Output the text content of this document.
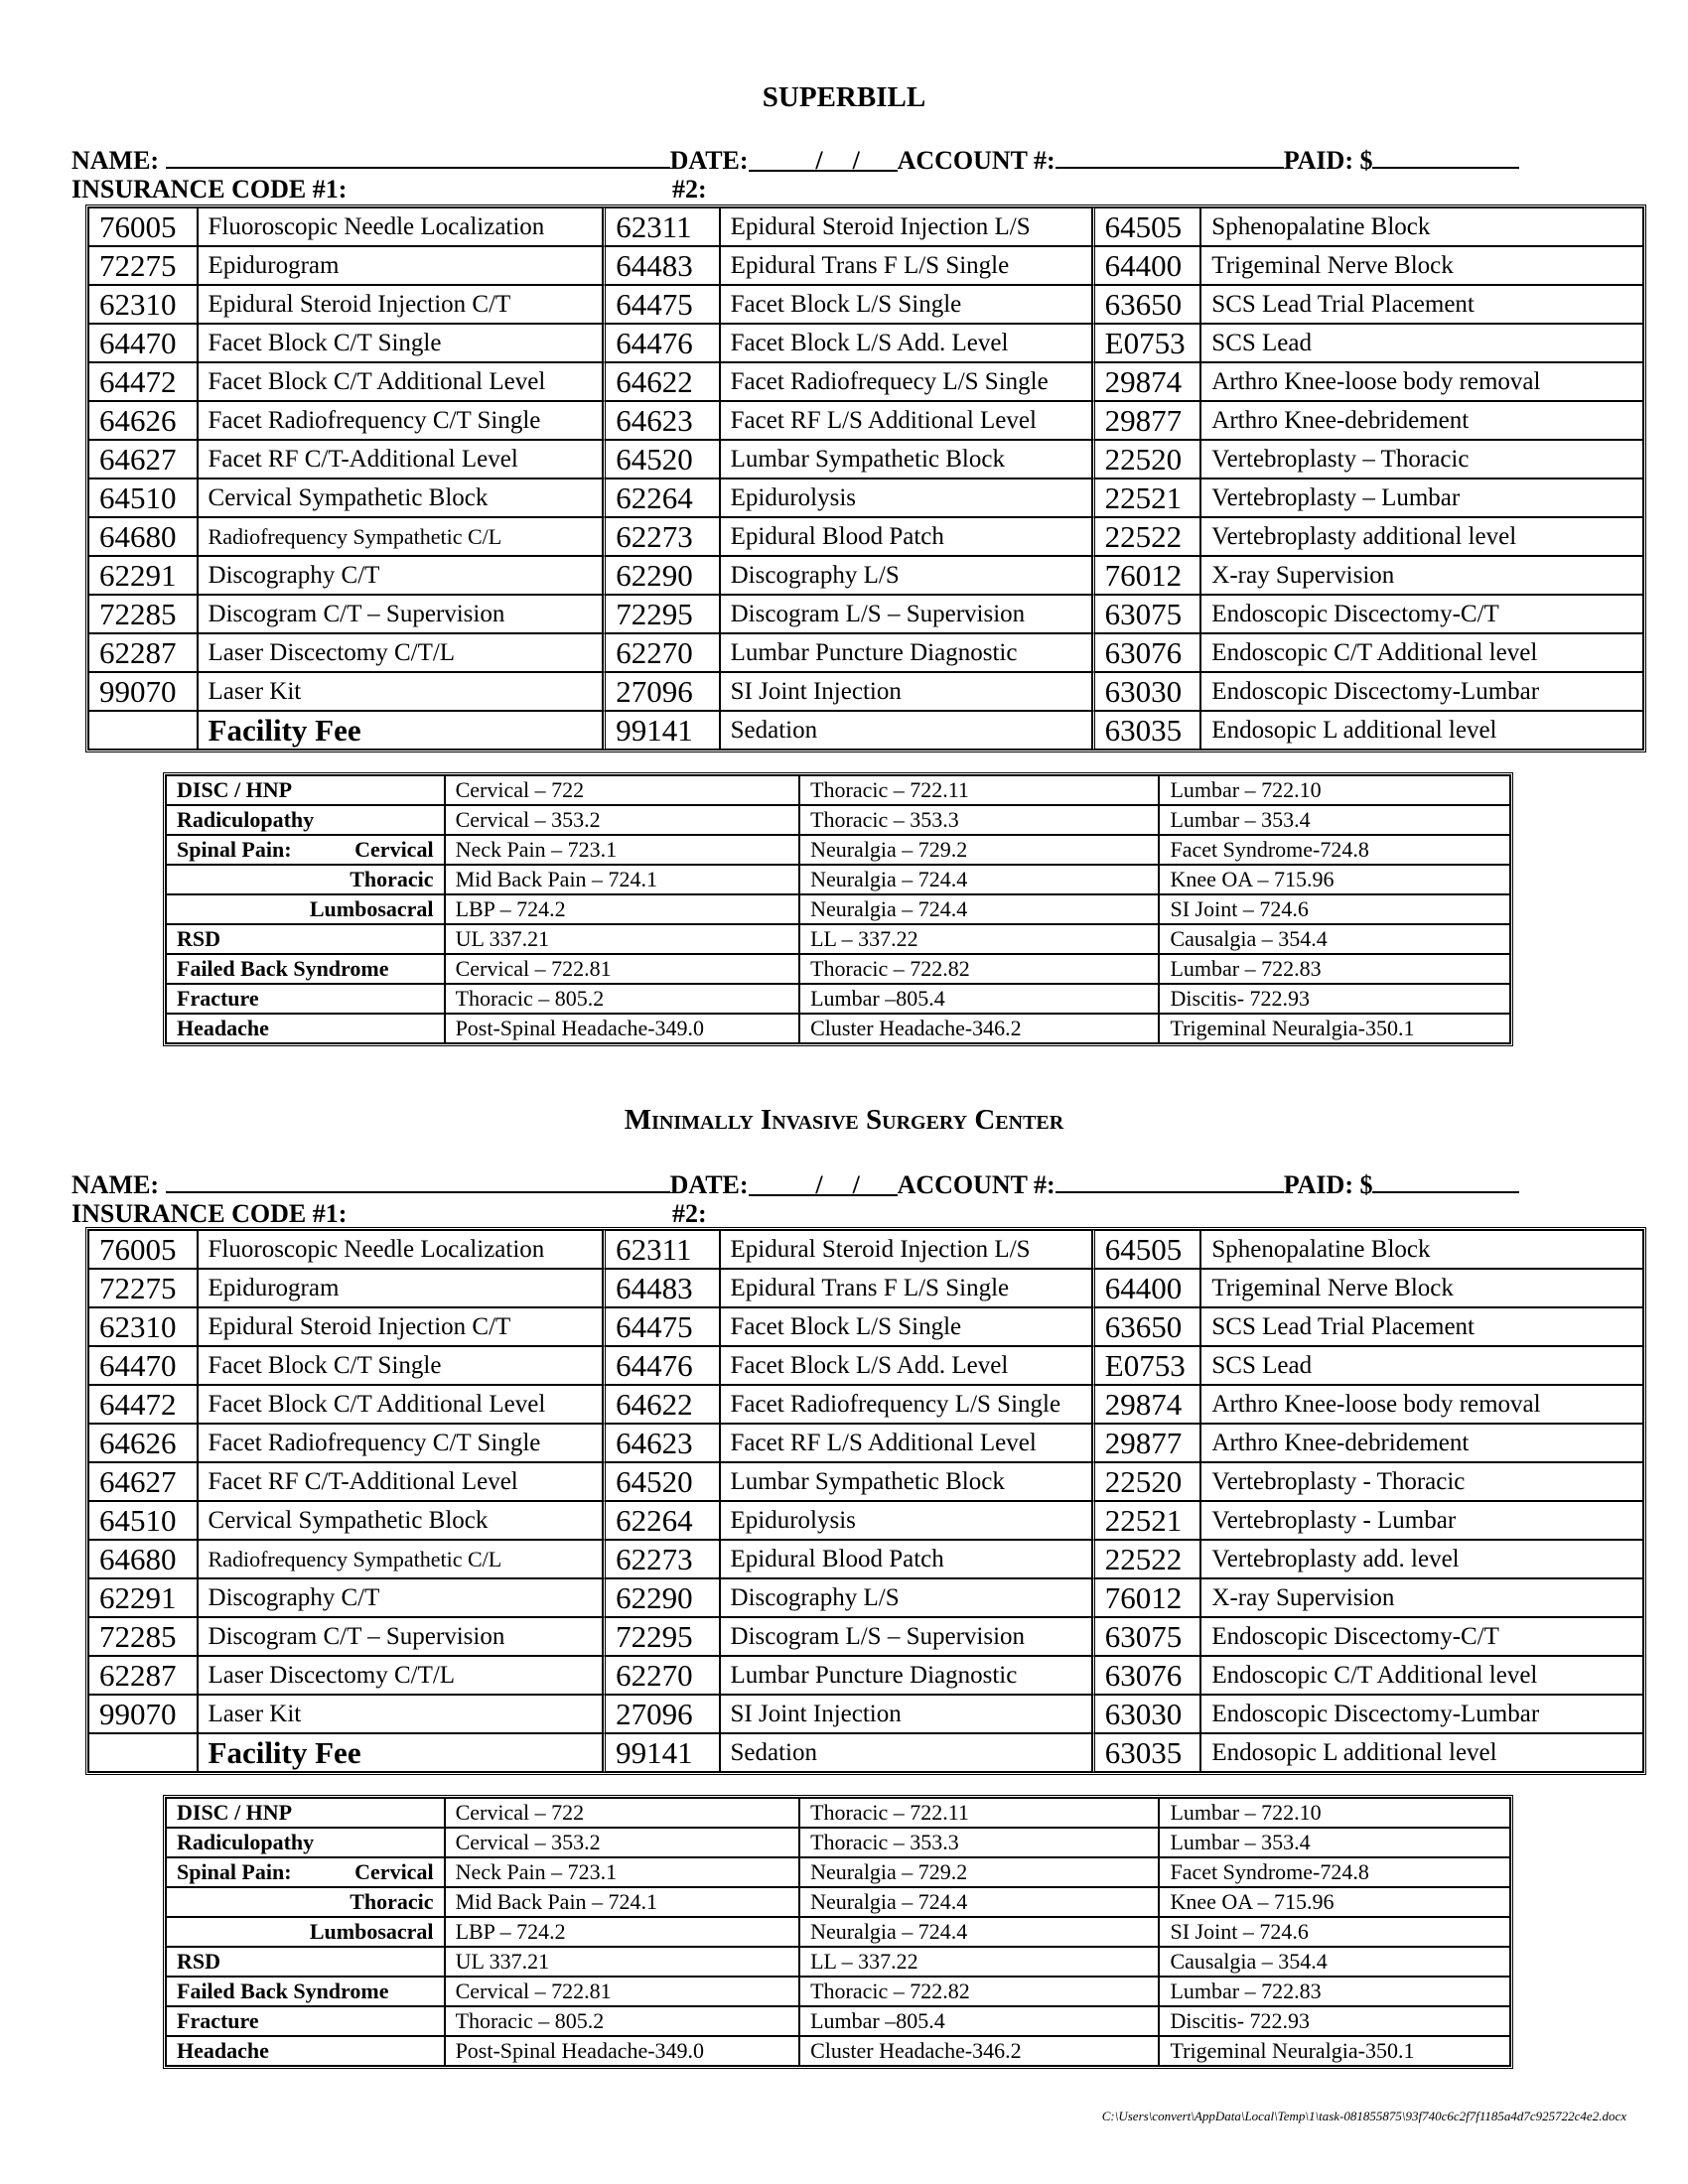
SUPERBILL
NAME:	DATE:	/ / ACCOUNT #:	PAID: $
INSURANCE CODE #1:	#2:
76005	Fluoroscopic Needle Localization	62311	Epidural Steroid Injection L/S	64505	Sphenopalatine Block
72275	Epidurogram	64483	Epidural Trans F L/S Single	64400	Trigeminal Nerve Block
62310	Epidural Steroid Injection C/T	64475	Facet Block L/S Single	63650	SCS Lead Trial Placement
64470	Facet Block C/T Single	64476	Facet Block L/S Add. Level	E0753	SCS Lead
64472	Facet Block C/T Additional Level	64622	Facet Radiofrequecy L/S Single	29874	Arthro Knee-loose body removal
64626	Facet Radiofrequency C/T Single	64623	Facet RF L/S Additional Level	29877	Arthro Knee-debridement
64627	Facet RF C/T-Additional Level	64520	Lumbar Sympathetic Block	22520	Vertebroplasty – Thoracic
64510	Cervical Sympathetic Block	62264	Epidurolysis	22521	Vertebroplasty – Lumbar
64680	Radiofrequency Sympathetic C/L	62273	Epidural Blood Patch	22522	Vertebroplasty additional level
62291	Discography C/T	62290	Discography L/S	76012	X-ray Supervision
72285	Discogram C/T – Supervision	72295	Discogram L/S – Supervision	63075	Endoscopic Discectomy-C/T
62287	Laser Discectomy C/T/L	62270	Lumbar Puncture Diagnostic	63076	Endoscopic C/T Additional level
99070	Laser Kit	27096	SI Joint Injection	63030	Endoscopic Discectomy-Lumbar
	Facility Fee	99141	Sedation	63035	Endosopic L additional level
DISC / HNP	Cervical – 722	Thoracic – 722.11	Lumbar – 722.10
Radiculopathy	Cervical – 353.2	Thoracic – 353.3	Lumbar – 353.4
Spinal Pain: Cervical	Neck Pain – 723.1	Neuralgia – 729.2	Facet Syndrome-724.8

Thoracic	Mid Back Pain – 724.1	Neuralgia – 724.4	Knee OA – 715.96

Lumbosacral	LBP – 724.2	Neuralgia – 724.4	SI Joint – 724.6
RSD	UL 337.21	LL – 337.22	Causalgia – 354.4
Failed Back Syndrome	Cervical – 722.81	Thoracic – 722.82	Lumbar – 722.83
Fracture	Thoracic – 805.2	Lumbar –805.4	Discitis- 722.93
Headache	Post-Spinal Headache-349.0	Cluster Headache-346.2	Trigeminal Neuralgia-350.1
Minimally Invasive Surgery Center
NAME:	DATE:	/ / ACCOUNT #:	PAID: $
INSURANCE CODE #1:	#2:
76005	Fluoroscopic Needle Localization	62311	Epidural Steroid Injection L/S	64505	Sphenopalatine Block
72275	Epidurogram	64483	Epidural Trans F L/S Single	64400	Trigeminal Nerve Block
62310	Epidural Steroid Injection C/T	64475	Facet Block L/S Single	63650	SCS Lead Trial Placement
64470	Facet Block C/T Single	64476	Facet Block L/S Add. Level	E0753	SCS Lead
64472	Facet Block C/T Additional Level	64622	Facet Radiofrequency L/S Single	29874	Arthro Knee-loose body removal
64626	Facet Radiofrequency C/T Single	64623	Facet RF L/S Additional Level	29877	Arthro Knee-debridement
64627	Facet RF C/T-Additional Level	64520	Lumbar Sympathetic Block	22520	Vertebroplasty - Thoracic
64510	Cervical Sympathetic Block	62264	Epidurolysis	22521	Vertebroplasty - Lumbar
64680	Radiofrequency Sympathetic C/L	62273	Epidural Blood Patch	22522	Vertebroplasty add. level
62291	Discography C/T	62290	Discography L/S	76012	X-ray Supervision
72285	Discogram C/T – Supervision	72295	Discogram L/S – Supervision	63075	Endoscopic Discectomy-C/T
62287	Laser Discectomy C/T/L	62270	Lumbar Puncture Diagnostic	63076	Endoscopic C/T Additional level
99070	Laser Kit	27096	SI Joint Injection	63030	Endoscopic Discectomy-Lumbar
	Facility Fee	99141	Sedation	63035	Endosopic L additional level
DISC / HNP	Cervical – 722	Thoracic – 722.11	Lumbar – 722.10
Radiculopathy	Cervical – 353.2	Thoracic – 353.3	Lumbar – 353.4
Spinal Pain: Cervical	Neck Pain – 723.1	Neuralgia – 729.2	Facet Syndrome-724.8

Thoracic	Mid Back Pain – 724.1	Neuralgia – 724.4	Knee OA – 715.96

Lumbosacral	LBP – 724.2	Neuralgia – 724.4	SI Joint – 724.6
RSD	UL 337.21	LL – 337.22	Causalgia – 354.4
Failed Back Syndrome	Cervical – 722.81	Thoracic – 722.82	Lumbar – 722.83
Fracture	Thoracic – 805.2	Lumbar –805.4	Discitis- 722.93
Headache	Post-Spinal Headache-349.0	Cluster Headache-346.2	Trigeminal Neuralgia-350.1
C:\Users\convert\AppData\Local\Temp\1\task-081855875\93f740c6c2f7f1185a4d7c925722c4e2.docx
